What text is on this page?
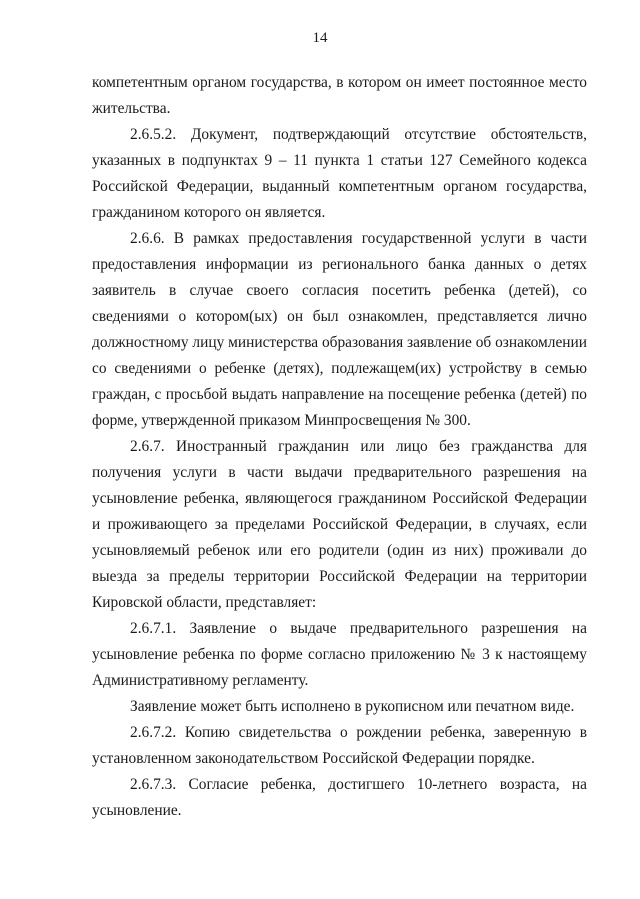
14

компетентным органом государства, в котором он имеет постоянное место жительства.

2.6.5.2. Документ, подтверждающий отсутствие обстоятельств, указанных в подпунктах 9 – 11 пункта 1 статьи 127 Семейного кодекса Российской Федерации, выданный компетентным органом государства, гражданином которого он является.

2.6.6. В рамках предоставления государственной услуги в части предоставления информации из регионального банка данных о детях заявитель в случае своего согласия посетить ребенка (детей), со сведениями о котором(ых) он был ознакомлен, представляется лично должностному лицу министерства образования заявление об ознакомлении со сведениями о ребенке (детях), подлежащем(их) устройству в семью граждан, с просьбой выдать направление на посещение ребенка (детей) по форме, утвержденной приказом Минпросвещения № 300.

2.6.7. Иностранный гражданин или лицо без гражданства для получения услуги в части выдачи предварительного разрешения на усыновление ребенка, являющегося гражданином Российской Федерации и проживающего за пределами Российской Федерации, в случаях, если усыновляемый ребенок или его родители (один из них) проживали до выезда за пределы территории Российской Федерации на территории Кировской области, представляет:

2.6.7.1. Заявление о выдаче предварительного разрешения на усыновление ребенка по форме согласно приложению № 3 к настоящему Административному регламенту.

Заявление может быть исполнено в рукописном или печатном виде.

2.6.7.2. Копию свидетельства о рождении ребенка, заверенную в установленном законодательством Российской Федерации порядке.

2.6.7.3. Согласие ребенка, достигшего 10-летнего возраста, на усыновление.
